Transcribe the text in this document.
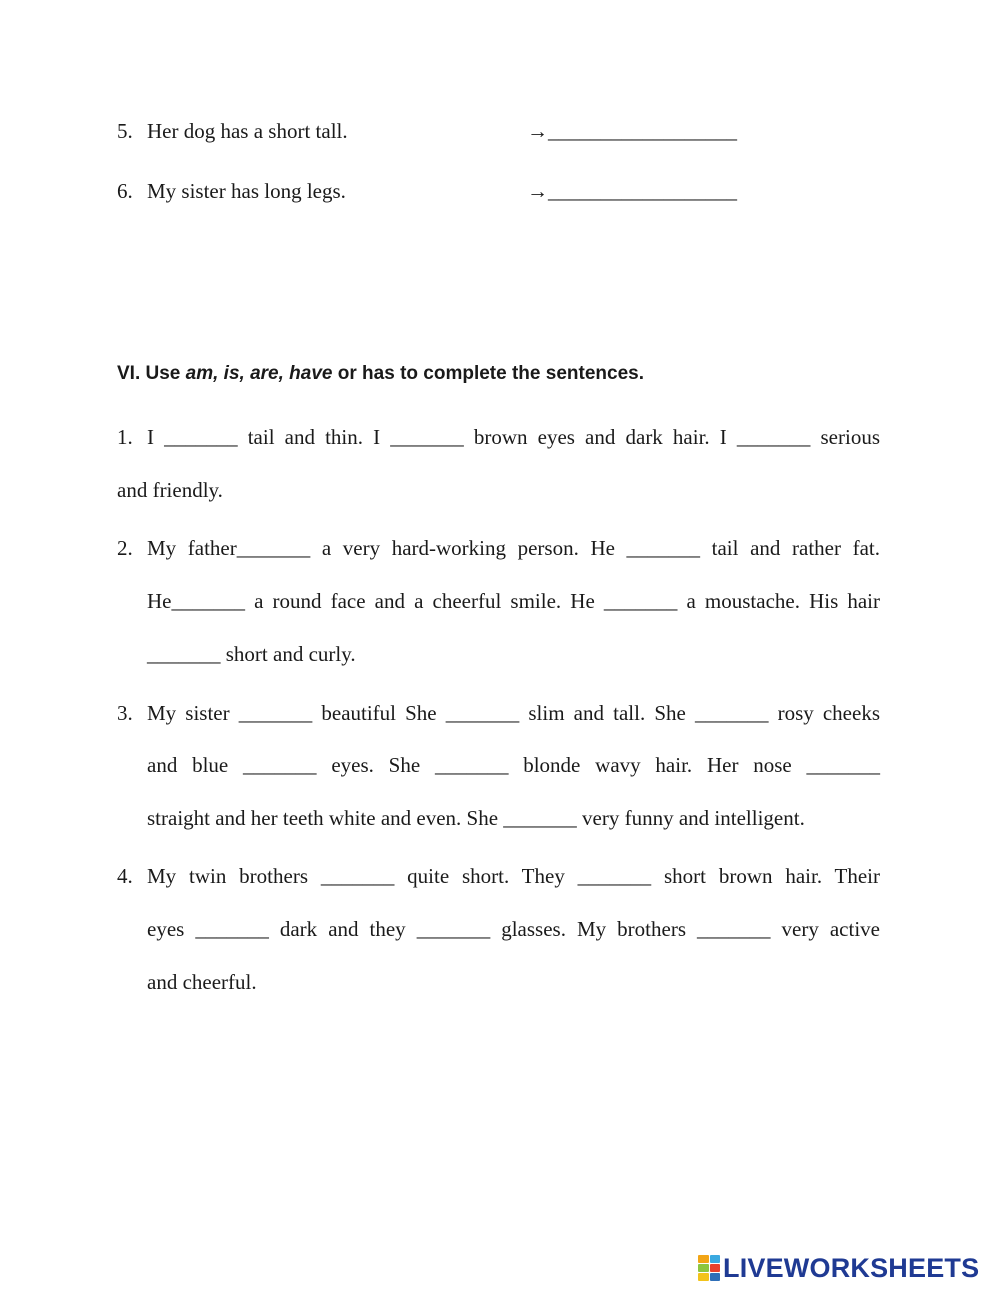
5. Her dog has a short tall.	→__________________
6. My sister has long legs.	→__________________
VI. Use am, is, are, have or has to complete the sentences.
1. I _______ tail and thin. I _______ brown eyes and dark hair. I _______ serious
and friendly.
2. My father_______ a very hard-working person. He _______ tail and rather fat.
He_______ a round face and a cheerful smile. He _______ a moustache. His hair
_______ short and curly.
3. My sister _______ beautiful She _______ slim and tall. She _______ rosy cheeks
and blue _______ eyes. She _______ blonde wavy hair. Her nose _______
straight and her teeth white and even. She _______ very funny and intelligent.
4. My twin brothers _______ quite short. They _______ short brown hair. Their
eyes _______ dark and they _______ glasses. My brothers _______ very active
and cheerful.
LIVEWORKSHEETS
